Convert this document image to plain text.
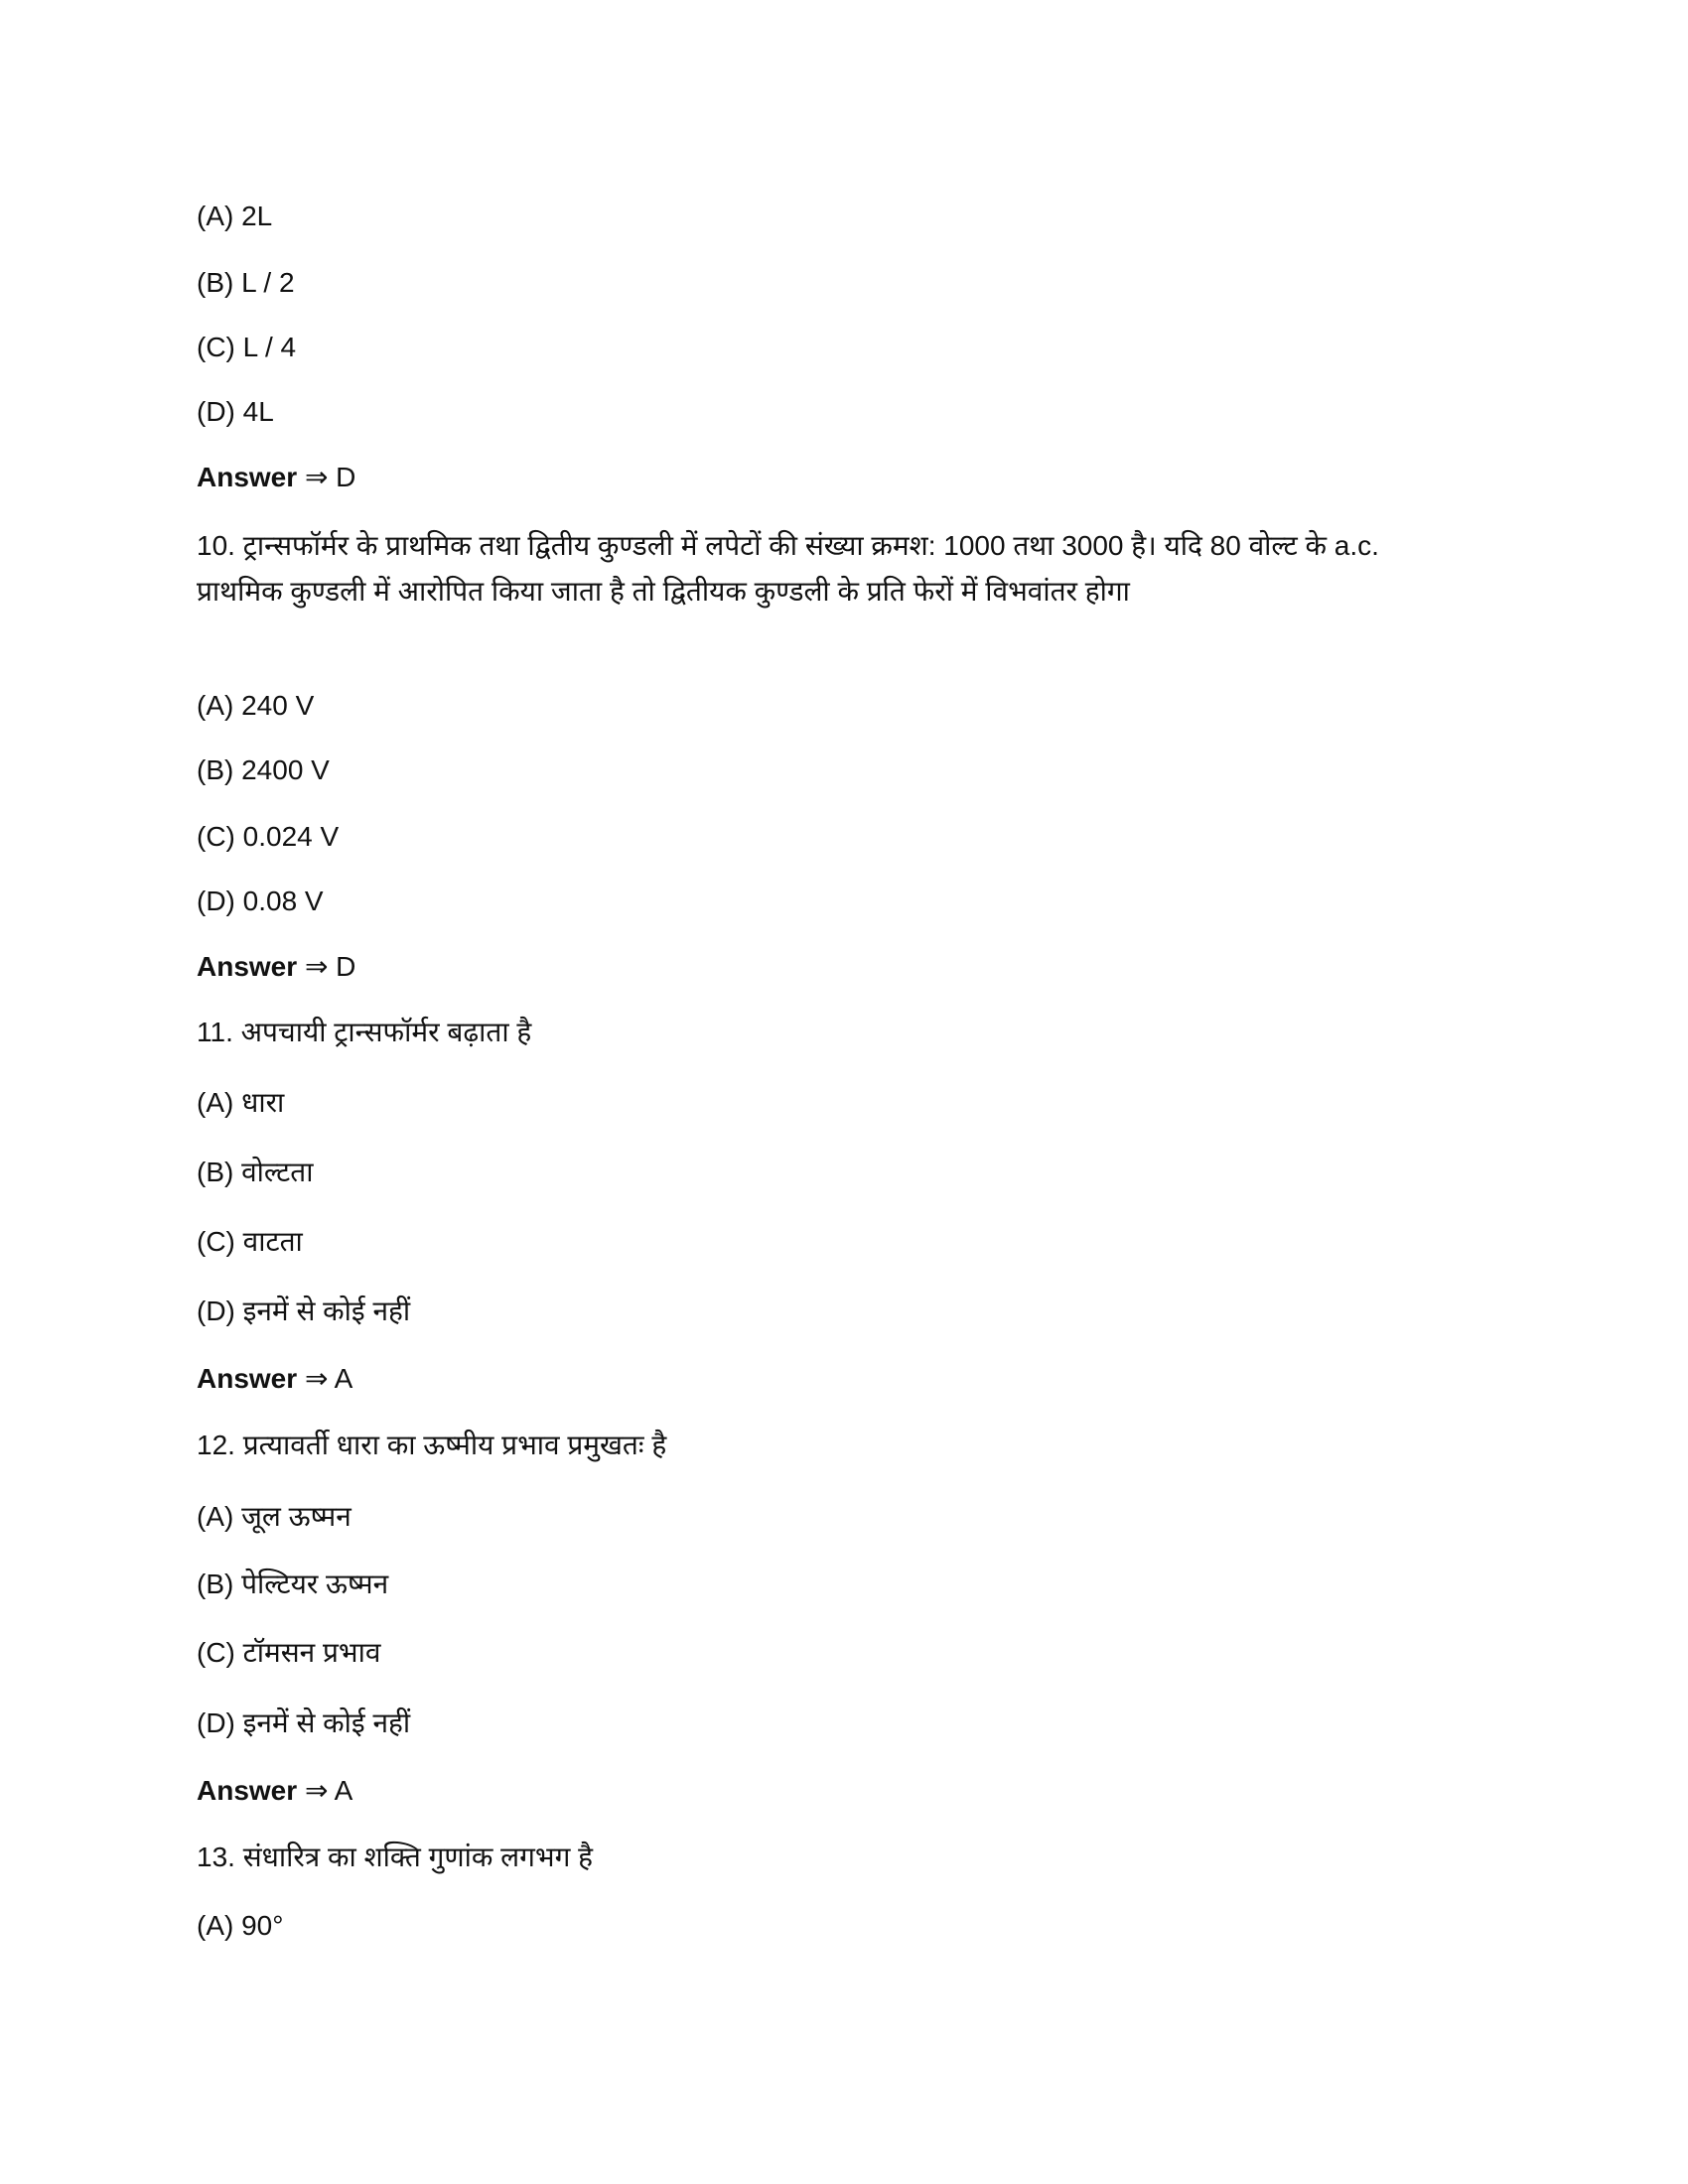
(A) 2L
(B) L / 2
(C) L / 4
(D) 4L
Answer ⇒ D
10. ट्रान्सफॉर्मर के प्राथमिक तथा द्वितीय कुण्डली में लपेटों की संख्या क्रमश: 1000 तथा 3000 है। यदि 80 वोल्ट के a.c. प्राथमिक कुण्डली में आरोपित किया जाता है तो द्वितीयक कुण्डली के प्रति फेरों में विभवांतर होगा
(A) 240 V
(B) 2400 V
(C) 0.024 V
(D) 0.08 V
Answer ⇒ D
11. अपचायी ट्रान्सफॉर्मर बढ़ाता है
(A) धारा
(B) वोल्टता
(C) वाटता
(D) इनमें से कोई नहीं
Answer ⇒ A
12. प्रत्यावर्ती धारा का ऊष्मीय प्रभाव प्रमुखतः है
(A) जूल ऊष्मन
(B) पेल्टियर ऊष्मन
(C) टॉमसन प्रभाव
(D) इनमें से कोई नहीं
Answer ⇒ A
13. संधारित्र का शक्ति गुणांक लगभग है
(A) 90°
